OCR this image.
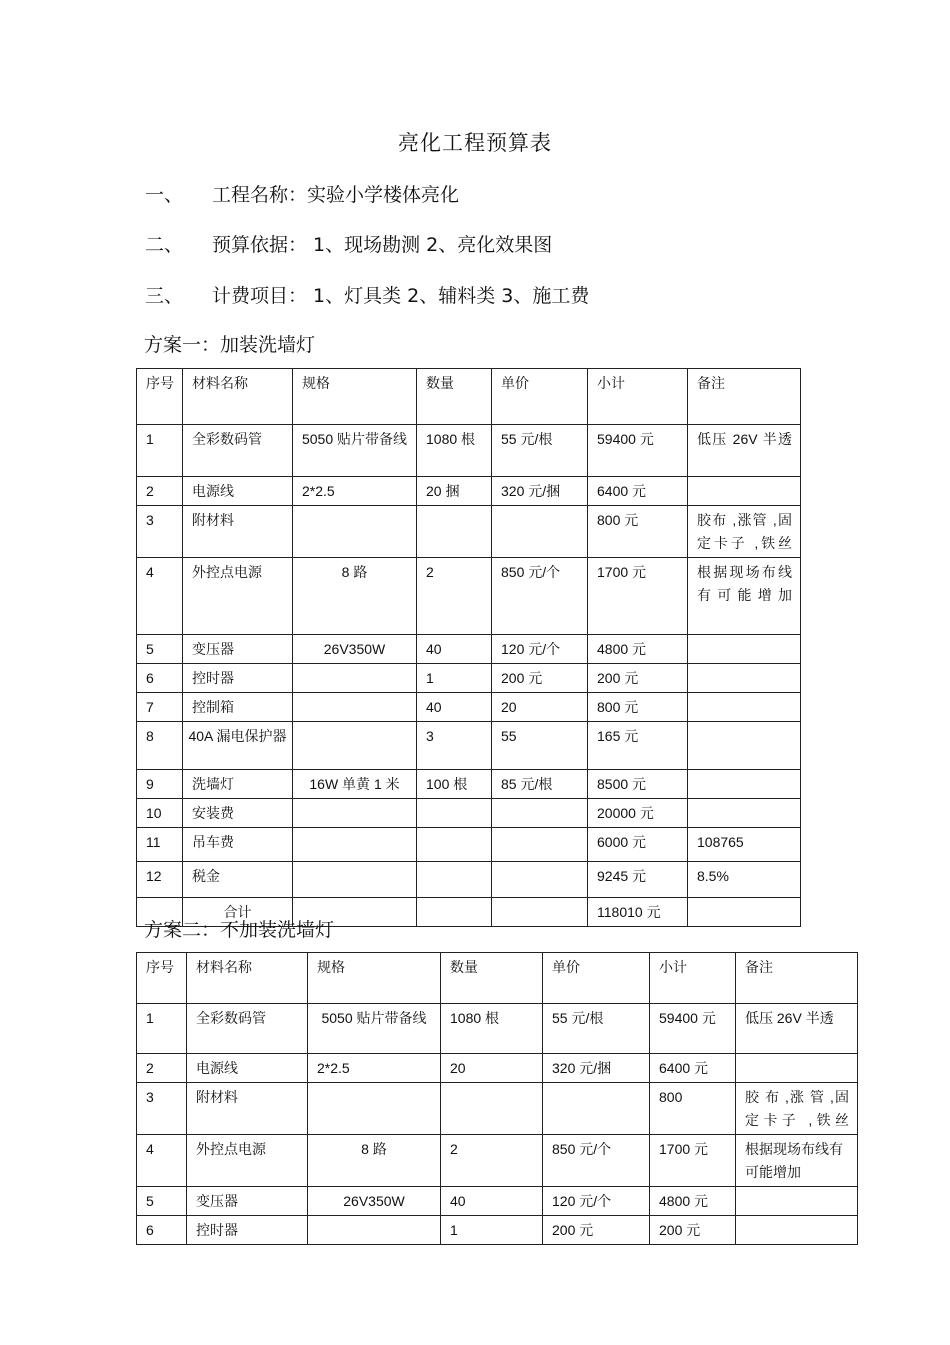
亮化工程预算表
一、 工程名称：实验小学楼体亮化
二、 预算依据： 1、现场勘测 2、亮化效果图
三、 计费项目： 1、灯具类 2、辅料类 3、施工费
方案一：加装洗墙灯
序号	材料名称	规格	数量	单价	小计	备注
1	全彩数码管	5050 贴片带备线	1080 根	55 元/根	59400 元	低压 26V 半透
2	电源线	2*2.5	20 捆	320 元/捆	6400 元	
3	附材料				800 元	胶布 ,涨管 ,固定卡子 ,铁丝
4	外控点电源	8 路	2	850 元/个	1700 元	根据现场布线有可能增加
5	变压器	26V350W	40	120 元/个	4800 元	
6	控时器		1	200 元	200 元	
7	控制箱		40	20	800 元	
8	40A 漏电保护器		3	55	165 元	
9	洗墙灯	16W 单黄 1 米	100 根	85 元/根	8500 元	
10	安装费				20000 元	
11	吊车费				6000 元	108765
12	税金				9245 元	8.5%
	合计				118010 元	
方案二：不加装洗墙灯
序号	材料名称	规格	数量	单价	小计	备注
1	全彩数码管	5050 贴片带备线	1080 根	55 元/根	59400 元	低压 26V 半透
2	电源线	2*2.5	20	320 元/捆	6400 元	
3	附材料				800	胶 布 ,涨 管 ,固定卡子 ,铁丝
4	外控点电源	8 路	2	850 元/个	1700 元	根据现场布线有可能增加
5	变压器	26V350W	40	120 元/个	4800 元	
6	控时器		1	200 元	200 元	
